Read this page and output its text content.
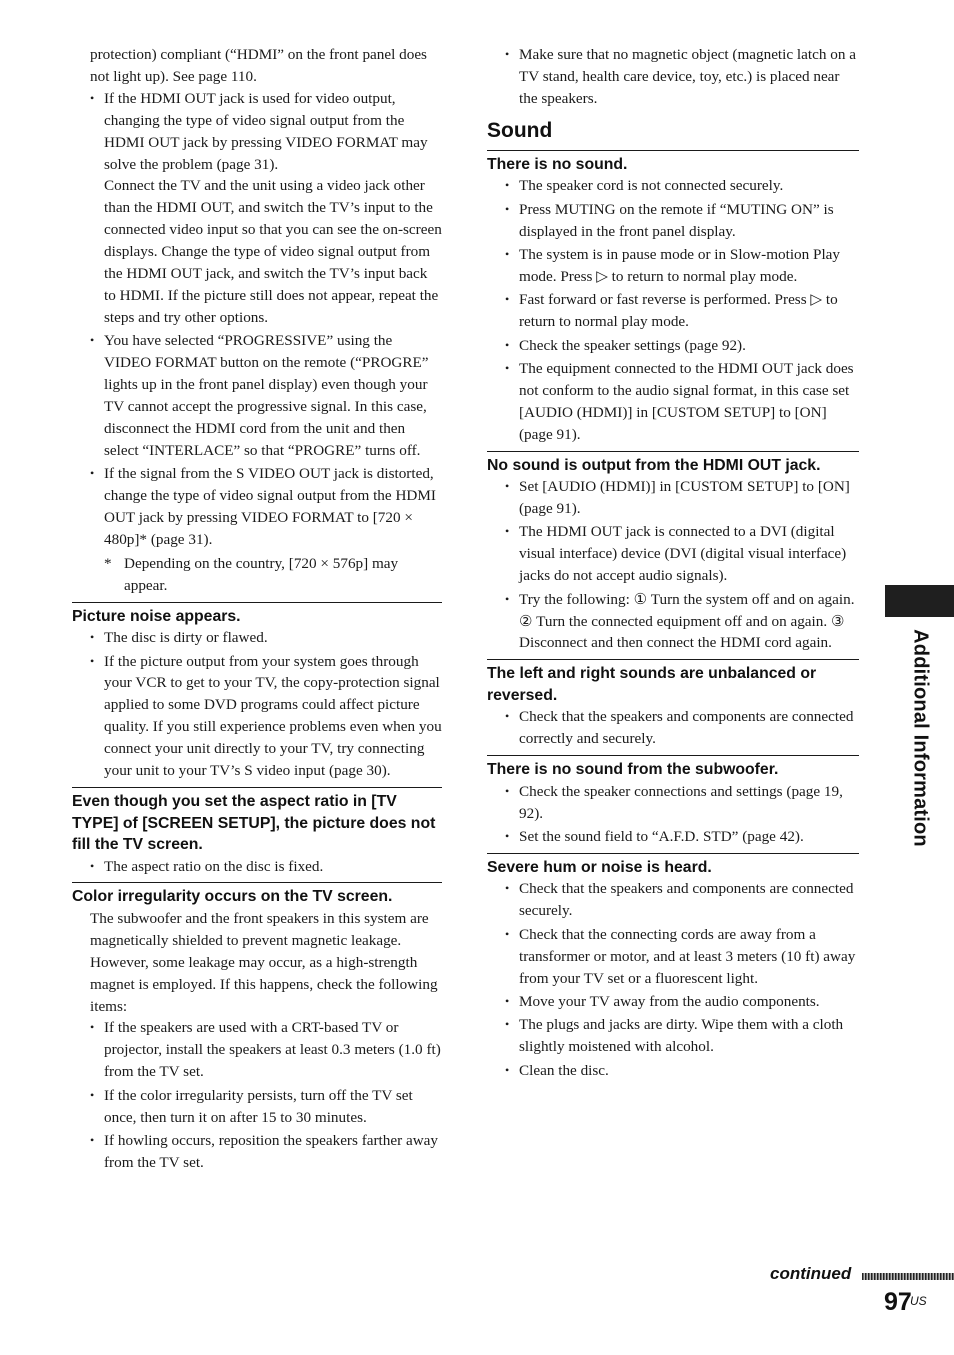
protection) compliant (“HDMI” on the front panel does not light up). See page 110.

• If the HDMI OUT jack is used for video output, changing the type of video signal output from the HDMI OUT jack by pressing VIDEO FORMAT may solve the problem (page 31).
Connect the TV and the unit using a video jack other than the HDMI OUT, and switch the TV’s input to the connected video input so that you can see the on-screen displays. Change the type of video signal output from the HDMI OUT jack, and switch the TV’s input back to HDMI. If the picture still does not appear, repeat the steps and try other options.
• You have selected “PROGRESSIVE” using the VIDEO FORMAT button on the remote (“PROGRE” lights up in the front panel display) even though your TV cannot accept the progressive signal. In this case, disconnect the HDMI cord from the unit and then select “INTERLACE” so that “PROGRE” turns off.
• If the signal from the S VIDEO OUT jack is distorted, change the type of video signal output from the HDMI OUT jack by pressing VIDEO FORMAT to [720 × 480p]* (page 31).

* Depending on the country, [720 × 576p] may appear.

Picture noise appears.
• The disc is dirty or flawed.
• If the picture output from your system goes through your VCR to get to your TV, the copy-protection signal applied to some DVD programs could affect picture quality. If you still experience problems even when you connect your unit directly to your TV, try connecting your unit to your TV’s S video input (page 30).
Even though you set the aspect ratio in [TV TYPE] of [SCREEN SETUP], the picture does not fill the TV screen.
• The aspect ratio on the disc is fixed.
Color irregularity occurs on the TV screen.

The subwoofer and the front speakers in this system are magnetically shielded to prevent magnetic leakage. However, some leakage may occur, as a high-strength magnet is employed. If this happens, check the following items:

• If the speakers are used with a CRT-based TV or projector, install the speakers at least 0.3 meters (1.0 ft) from the TV set.
• If the color irregularity persists, turn off the TV set once, then turn it on after 15 to 30 minutes.
• If howling occurs, reposition the speakers farther away from the TV set.
• Make sure that no magnetic object (magnetic latch on a TV stand, health care device, toy, etc.) is placed near the speakers.
Sound
There is no sound.
• The speaker cord is not connected securely.
• Press MUTING on the remote if “MUTING ON” is displayed in the front panel display.
• The system is in pause mode or in Slow-motion Play mode. Press ▷ to return to normal play mode.
• Fast forward or fast reverse is performed. Press ▷ to return to normal play mode.
• Check the speaker settings (page 92).
• The equipment connected to the HDMI OUT jack does not conform to the audio signal format, in this case set [AUDIO (HDMI)] in [CUSTOM SETUP] to [ON] (page 91).
No sound is output from the HDMI OUT jack.
• Set [AUDIO (HDMI)] in [CUSTOM SETUP] to [ON] (page 91).
• The HDMI OUT jack is connected to a DVI (digital visual interface) device (DVI (digital visual interface) jacks do not accept audio signals).
• Try the following: ① Turn the system off and on again. ② Turn the connected equipment off and on again. ③ Disconnect and then connect the HDMI cord again.
The left and right sounds are unbalanced or reversed.
• Check that the speakers and components are connected correctly and securely.
There is no sound from the subwoofer.
• Check the speaker connections and settings (page 19, 92).
• Set the sound field to “A.F.D. STD” (page 42).
Severe hum or noise is heard.
• Check that the speakers and components are connected securely.
• Check that the connecting cords are away from a transformer or motor, and at least 3 meters (10 ft) away from your TV set or a fluorescent light.
• Move your TV away from the audio components.
• The plugs and jacks are dirty. Wipe them with a cloth slightly moistened with alcohol.
• Clean the disc.
Additional Information
continued
97
US
